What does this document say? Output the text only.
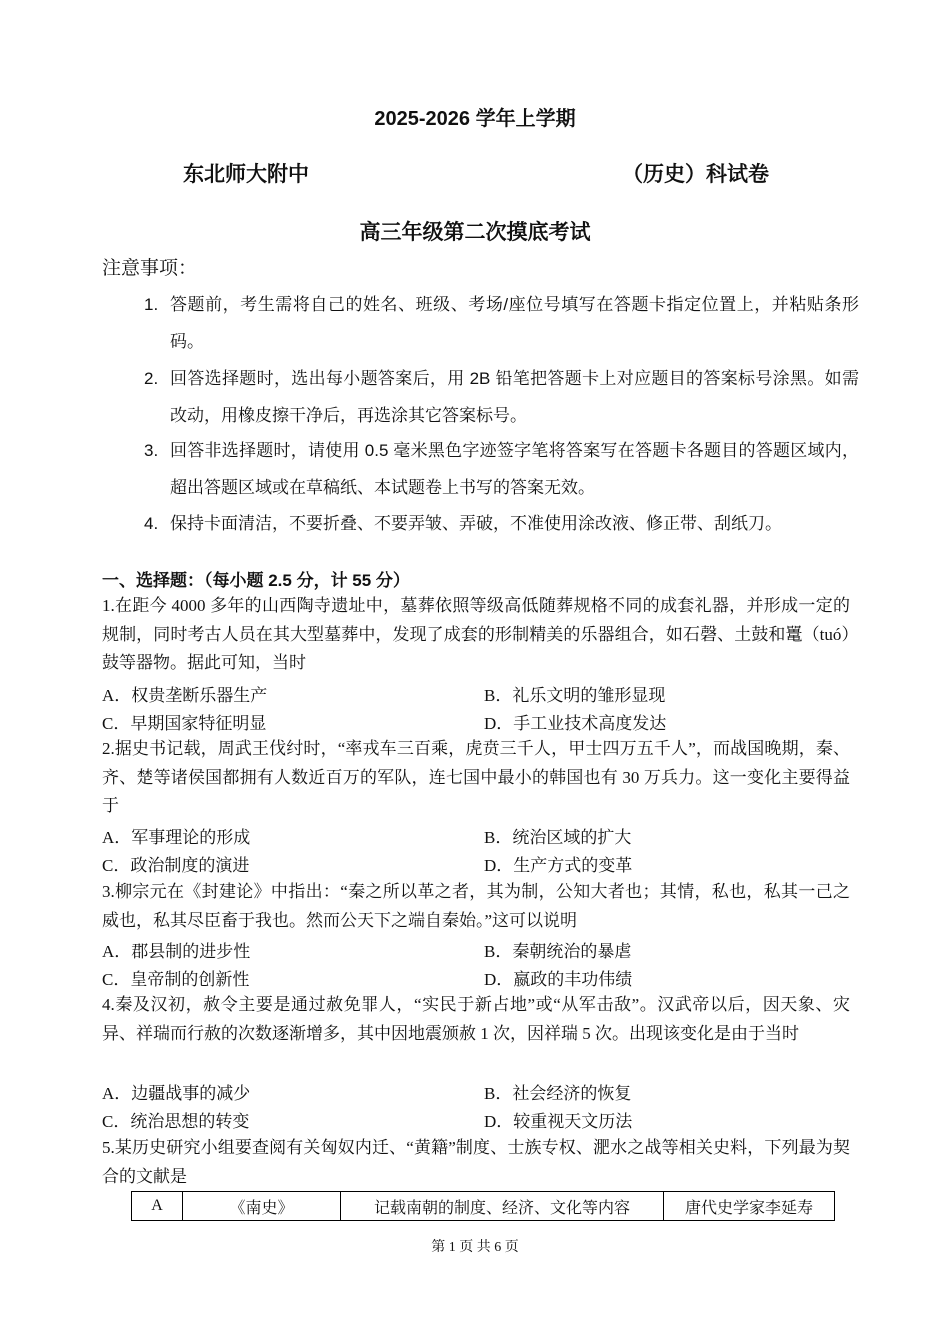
2025-2026 学年上学期
东北师大附中	（历史）科试卷
高三年级第二次摸底考试
注意事项：
1. 答题前，考生需将自己的姓名、班级、考场/座位号填写在答题卡指定位置上，并粘贴条形码。
2. 回答选择题时，选出每小题答案后，用 2B 铅笔把答题卡上对应题目的答案标号涂黑。如需改动，用橡皮擦干净后，再选涂其它答案标号。
3. 回答非选择题时，请使用 0.5 毫米黑色字迹签字笔将答案写在答题卡各题目的答题区域内，超出答题区域或在草稿纸、本试题卷上书写的答案无效。
4. 保持卡面清洁，不要折叠、不要弄皱、弄破，不准使用涂改液、修正带、刮纸刀。
一、选择题：（每小题 2.5 分，计 55 分）
1.在距今 4000 多年的山西陶寺遗址中，墓葬依照等级高低随葬规格不同的成套礼器，并形成一定的规制，同时考古人员在其大型墓葬中，发现了成套的形制精美的乐器组合，如石磬、土鼓和鼍（tuó）鼓等器物。据此可知，当时
A．权贵垄断乐器生产	B．礼乐文明的雏形显现
C．早期国家特征明显	D．手工业技术高度发达
2.据史书记载，周武王伐纣时，“率戎车三百乘，虎贲三千人，甲士四万五千人”，而战国晚期，秦、齐、楚等诸侯国都拥有人数近百万的军队，连七国中最小的韩国也有 30 万兵力。这一变化主要得益于
A．军事理论的形成	B．统治区域的扩大
C．政治制度的演进	D．生产方式的变革
3.柳宗元在《封建论》中指出：“秦之所以革之者，其为制，公知大者也；其情，私也，私其一己之威也，私其尽臣畜于我也。然而公天下之端自秦始。”这可以说明
A．郡县制的进步性	B．秦朝统治的暴虐
C．皇帝制的创新性	D．嬴政的丰功伟绩
4.秦及汉初，赦令主要是通过赦免罪人，“实民于新占地”或“从军击敌”。汉武帝以后，因天象、灾异、祥瑞而行赦的次数逐渐增多，其中因地震颁赦 1 次，因祥瑞 5 次。出现该变化是由于当时
A．边疆战事的减少	B．社会经济的恢复
C．统治思想的转变	D．较重视天文历法
5.某历史研究小组要查阅有关匈奴内迁、“黄籍”制度、士族专权、淝水之战等相关史料，下列最为契合的文献是
A	《南史》	记载南朝的制度、经济、文化等内容	唐代史学家李延寿
第 1 页 共 6 页
